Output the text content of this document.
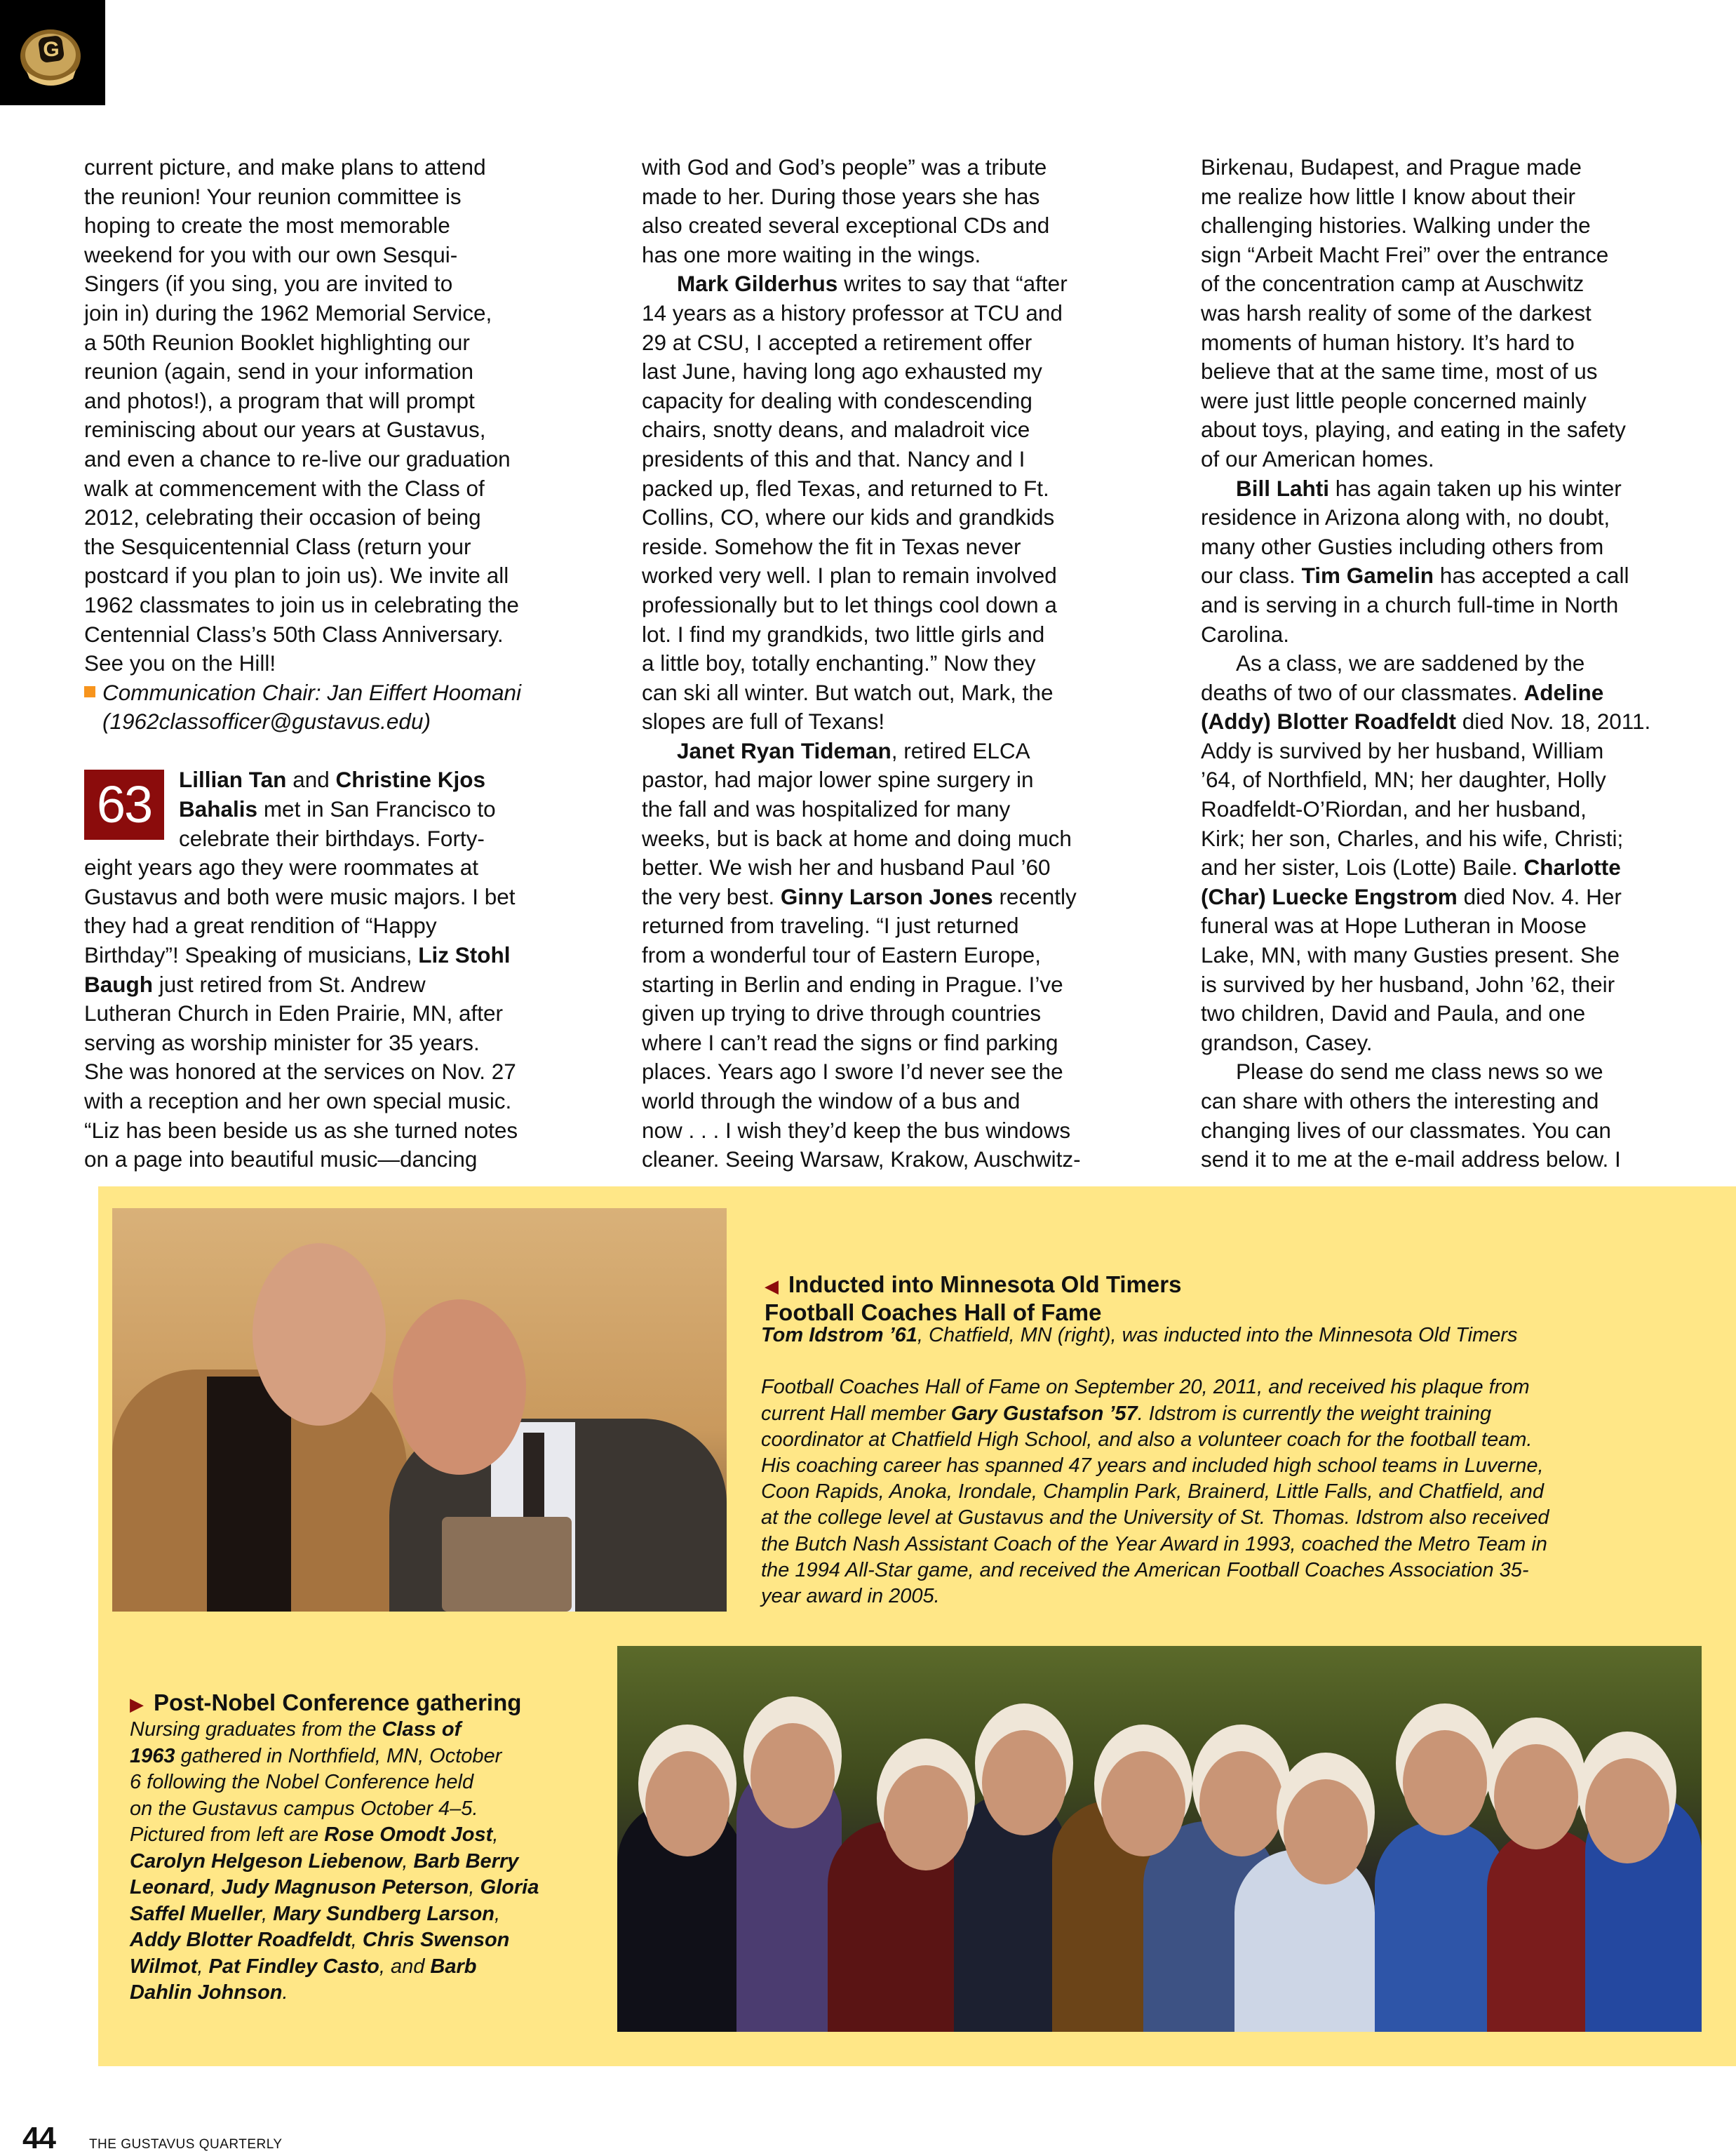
G
current picture, and make plans to attend
the reunion! Your reunion committee is
hoping to create the most memorable
weekend for you with our own Sesqui-
Singers (if you sing, you are invited to
join in) during the 1962 Memorial Service,
a 50th Reunion Booklet highlighting our
reunion (again, send in your information
and photos!), a program that will prompt
reminiscing about our years at Gustavus,
and even a chance to re-live our graduation
walk at commencement with the Class of
2012, celebrating their occasion of being
the Sesquicentennial Class (return your
postcard if you plan to join us). We invite all
1962 classmates to join us in celebrating the
Centennial Class’s 50th Class Anniversary.
See you on the Hill!
Communication Chair: Jan Eiffert Hoomani
(1962classofficer@gustavus.edu)
Lillian Tan and Christine Kjos
Bahalis met in San Francisco to
celebrate their birthdays. Forty-
eight years ago they were roommates at
Gustavus and both were music majors. I bet
they had a great rendition of “Happy
Birthday”! Speaking of musicians, Liz Stohl
Baugh just retired from St. Andrew
Lutheran Church in Eden Prairie, MN, after
serving as worship minister for 35 years.
She was honored at the services on Nov. 27
with a reception and her own special music.
“Liz has been beside us as she turned notes
on a page into beautiful music—dancing
63
with God and God’s people” was a tribute
made to her. During those years she has
also created several exceptional CDs and
has one more waiting in the wings.
Mark Gilderhus writes to say that “after
14 years as a history professor at TCU and
29 at CSU, I accepted a retirement offer
last June, having long ago exhausted my
capacity for dealing with condescending
chairs, snotty deans, and maladroit vice
presidents of this and that. Nancy and I
packed up, fled Texas, and returned to Ft.
Collins, CO, where our kids and grandkids
reside. Somehow the fit in Texas never
worked very well. I plan to remain involved
professionally but to let things cool down a
lot. I find my grandkids, two little girls and
a little boy, totally enchanting.” Now they
can ski all winter. But watch out, Mark, the
slopes are full of Texans!
Janet Ryan Tideman, retired ELCA
pastor, had major lower spine surgery in
the fall and was hospitalized for many
weeks, but is back at home and doing much
better. We wish her and husband Paul ’60
the very best. Ginny Larson Jones recently
returned from traveling. “I just returned
from a wonderful tour of Eastern Europe,
starting in Berlin and ending in Prague. I’ve
given up trying to drive through countries
where I can’t read the signs or find parking
places. Years ago I swore I’d never see the
world through the window of a bus and
now . . . I wish they’d keep the bus windows
cleaner. Seeing Warsaw, Krakow, Auschwitz-
Birkenau, Budapest, and Prague made
me realize how little I know about their
challenging histories. Walking under the
sign “Arbeit Macht Frei” over the entrance
of the concentration camp at Auschwitz
was harsh reality of some of the darkest
moments of human history. It’s hard to
believe that at the same time, most of us
were just little people concerned mainly
about toys, playing, and eating in the safety
of our American homes.
Bill Lahti has again taken up his winter
residence in Arizona along with, no doubt,
many other Gusties including others from
our class. Tim Gamelin has accepted a call
and is serving in a church full-time in North
Carolina.
As a class, we are saddened by the
deaths of two of our classmates. Adeline
(Addy) Blotter Roadfeldt died Nov. 18, 2011.
Addy is survived by her husband, William
’64, of Northfield, MN; her daughter, Holly
Roadfeldt-O’Riordan, and her husband,
Kirk; her son, Charles, and his wife, Christi;
and her sister, Lois (Lotte) Baile. Charlotte
(Char) Luecke Engstrom died Nov. 4. Her
funeral was at Hope Lutheran in Moose
Lake, MN, with many Gusties present. She
is survived by her husband, John ’62, their
two children, David and Paula, and one
grandson, Casey.
Please do send me class news so we
can share with others the interesting and
changing lives of our classmates. You can
send it to me at the e-mail address below. I
◀ Inducted into Minnesota Old Timers
Football Coaches Hall of Fame
Tom Idstrom ’61, Chatfield, MN (right), was inducted into the Minnesota Old Timers

Football Coaches Hall of Fame on September 20, 2011, and received his plaque from
current Hall member Gary Gustafson ’57. Idstrom is currently the weight training
coordinator at Chatfield High School, and also a volunteer coach for the football team.
His coaching career has spanned 47 years and included high school teams in Luverne,
Coon Rapids, Anoka, Irondale, Champlin Park, Brainerd, Little Falls, and Chatfield, and
at the college level at Gustavus and the University of St. Thomas. Idstrom also received
the Butch Nash Assistant Coach of the Year Award in 1993, coached the Metro Team in
the 1994 All-Star game, and received the American Football Coaches Association 35-
year award in 2005.
▶ Post-Nobel Conference gathering
Nursing graduates from the Class of
1963 gathered in Northfield, MN, October
6 following the Nobel Conference held
on the Gustavus campus October 4–5.
Pictured from left are Rose Omodt Jost,
Carolyn Helgeson Liebenow, Barb Berry
Leonard, Judy Magnuson Peterson, Gloria
Saffel Mueller, Mary Sundberg Larson,
Addy Blotter Roadfeldt, Chris Swenson
Wilmot, Pat Findley Casto, and Barb
Dahlin Johnson.
44	THE GUSTAVUS QUARTERLY
